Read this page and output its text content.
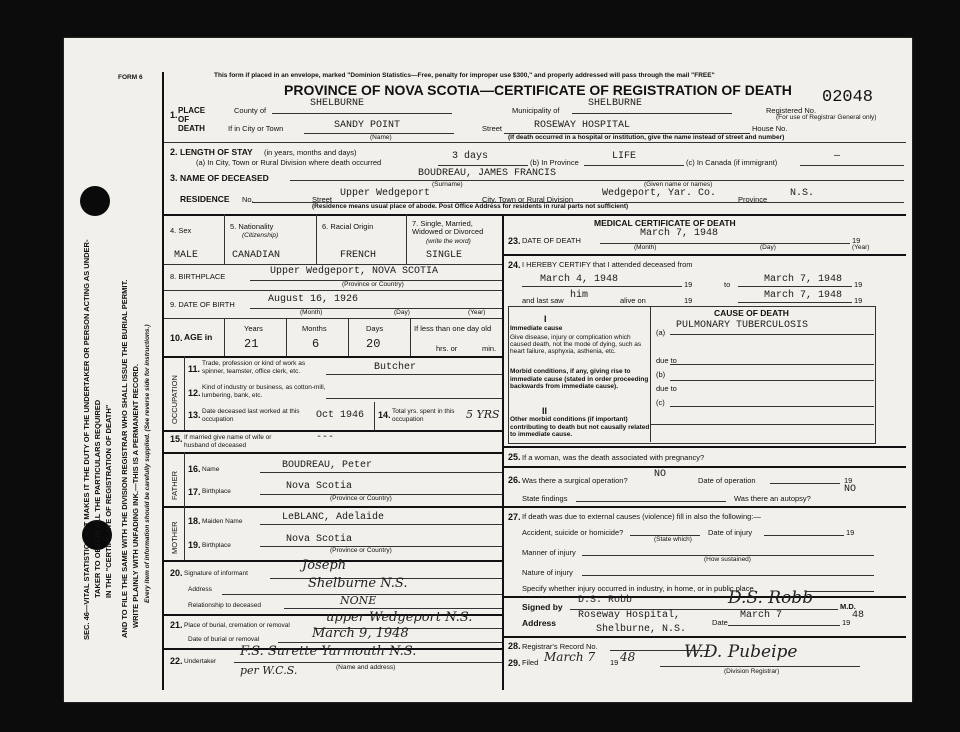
SEC. 46—VITAL STATISTICS ACT MAKES IT THE DUTY OF THE UNDERTAKER OR PERSON ACTING AS UNDER- TAKER TO OBTAIN ALL THE PARTICULARS REQUIRED IN THE "CERTIFICATE OF REGISTRATION OF DEATH" AND TO FILE THE SAME WITH THE DIVISION REGISTRAR WHO SHALL ISSUE THE BURIAL PERMIT. WRITE PLAINLY WITH UNFADING INK.—THIS IS A PERMANENT RECORD. Every item of information should be carefully supplied. (See reverse side for instructions.)
FORM 6	This form if placed in an envelope, marked "Dominion Statistics—Free, penalty for improper use $300," and properly addressed will pass through the mail "FREE"
PROVINCE OF NOVA SCOTIA—CERTIFICATE OF REGISTRATION OF DEATH 02048
1. PLACE OF DEATH
County of
SHELBURNE
Municipality of
SHELBURNE
Registered No.
(For use of Registrar General only)
If in City or Town	SANDY POINT
(Name)
Street	ROSEWAY HOSPITAL	House No.
(If death occurred in a hospital or institution, give the name instead of street and number)
2. LENGTH OF STAY (in years, months and days)
(a) In City, Town or Rural Division where death occurred
3 days
(b) In Province
LIFE
(c) In Canada (if immigrant)
—
3. NAME OF DECEASED	BOUDREAU, JAMES FRANCIS
(Surname)	(Given name or names)
RESIDENCE No.	Street
Upper Wedgeport
City, Town or Rural Division
Wedgeport, Yar. Co.
Province
N.S.
(Residence means usual place of abode. Post Office Address for residents in rural parts not sufficient)
4. Sex
MALE
5. Nationality
(Citizenship)
CANADIAN
6. Racial Origin
FRENCH
7. Single, Married, Widowed or Divorced
(write the word)
SINGLE
8. BIRTHPLACE	Upper Wedgeport, NOVA SCOTIA
(Province or Country)
9. DATE OF BIRTH	August 16, 1926
(Month)	(Day)	(Year)
10. AGE in
Years
21
Months
6
Days
20
If less than one day old
hrs. or	min.
OCCUPATION
11.
Trade, profession or kind of work as spinner, teamster, office clerk, etc.	Butcher
12.
Kind of industry or business, as cotton-mill, lumbering, bank, etc.
13. Date deceased last worked at this occupation	Oct 1946 14. Total yrs. spent in this occupation	5 YRS
15. If married give name of wife or husband of deceased
---
FATHER
16. Name	BOUDREAU, Peter
17. Birthplace	Nova Scotia
(Province or Country)
MOTHER
18. Maiden Name	LeBLANC, Adelaide
19. Birthplace
Nova Scotia
(Province or Country)
20. Signature of informant
Joseph
Address	Shelburne N.S.
Relationship to deceased	NONE
21. Place of burial, cremation or removal
upper Wedgeport N.S.
Date of burial or removal	March 9, 1948
22. Undertaker
F.S. Surette Yarmouth N.S.
per W.C.S.	(Name and address)
MEDICAL CERTIFICATE OF DEATH
23. DATE OF DEATH
March 7, 1948
(Month)	(Day)
19
(Year)
24. I HEREBY CERTIFY that I attended deceased from
March 4, 1948	19	to	March 7, 1948 19
and last saw him	alive on	19	March 7, 1948 19
CAUSE OF DEATH
I
Immediate cause
Give disease, injury or complication which caused death, not the mode of dying, such as heart failure, asphyxia, asthenia, etc.
(a)
PULMONARY TUBERCULOSIS
due to
Morbid conditions, if any, giving rise to immediate cause (stated in order proceeding backwards from immediate cause).
(b)
due to
(c)
II
Other morbid conditions (if important) contributing to death but not causally related to immediate cause.
25. If a woman, was the death associated with pregnancy?
26. Was there a surgical operation?
NO
Date of operation	19
State findings	Was there an autopsy?
NO
27. If death was due to external causes (violence) fill in also the following:—
Accident, suicide or homicide?
(State which)
Date of injury	19
Manner of injury
(How sustained)
Nature of injury
Specify whether injury occurred in industry, in home, or in public place
Signed by
D.S. Robb	D.S. Robb	M.D.
Address
Roseway Hospital,
Shelburne, N.S.
Date
March 7
19
48
28. Registrar's Record No.
29. Filed March 7 19 48	W.D. Pubeipe
(Division Registrar)
